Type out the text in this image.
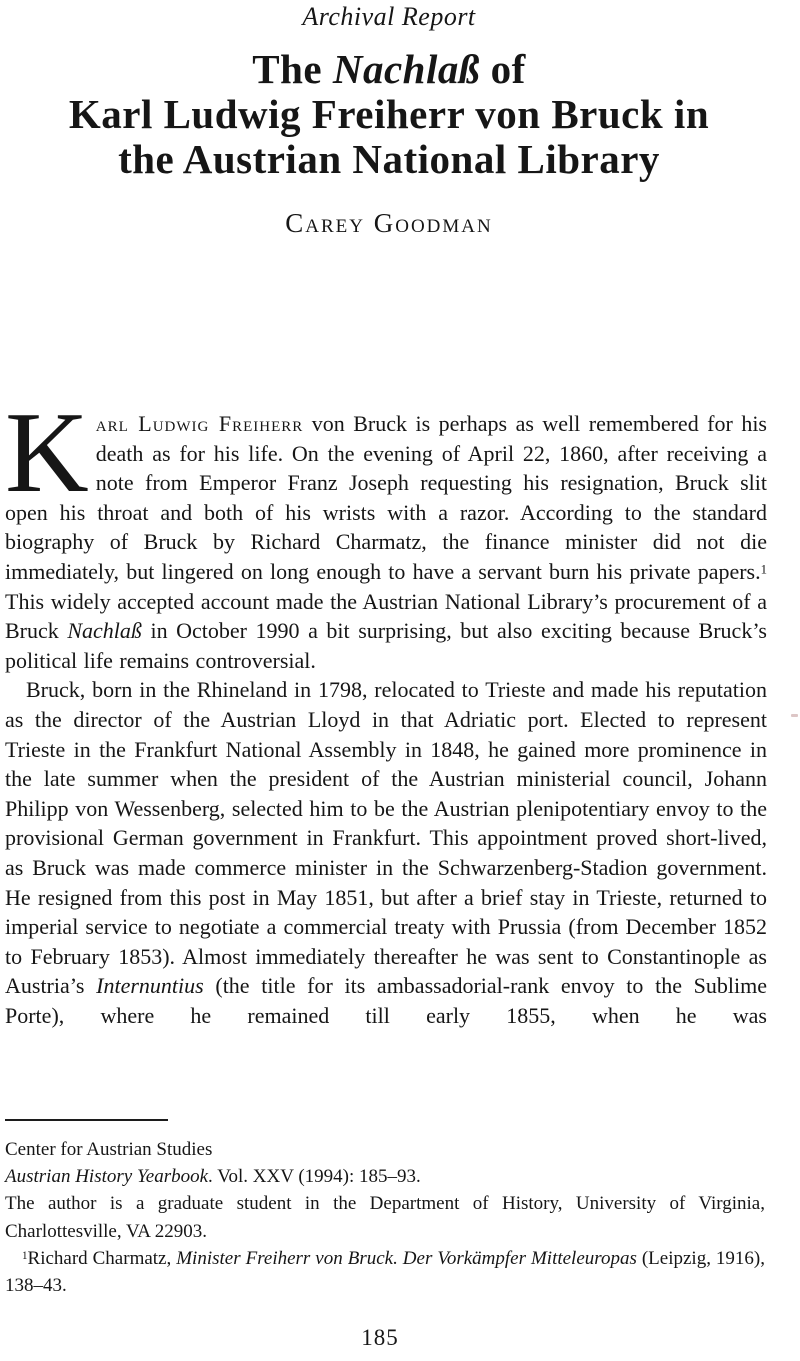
Archival Report
The Nachlaß of
Karl Ludwig Freiherr von Bruck in
the Austrian National Library
Carey Goodman

Karl Ludwig Freiherr von Bruck is perhaps as well remembered for his death as for his life. On the evening of April 22, 1860, after receiving a note from Emperor Franz Joseph requesting his resignation, Bruck slit open his throat and both of his wrists with a razor. According to the standard biography of Bruck by Richard Charmatz, the finance minister did not die immediately, but lingered on long enough to have a servant burn his private papers.$^1$ This widely accepted account made the Austrian National Library’s procurement of a Bruck Nachlaß in October 1990 a bit surprising, but also exciting because Bruck’s political life remains controversial.

Bruck, born in the Rhineland in 1798, relocated to Trieste and made his reputation as the director of the Austrian Lloyd in that Adriatic port. Elected to represent Trieste in the Frankfurt National Assembly in 1848, he gained more prominence in the late summer when the president of the Austrian ministerial council, Johann Philipp von Wessenberg, selected him to be the Austrian plenipotentiary envoy to the provisional German government in Frankfurt. This appointment proved short-lived, as Bruck was made commerce minister in the Schwarzenberg-Stadion government. He resigned from this post in May 1851, but after a brief stay in Trieste, returned to imperial service to negotiate a commercial treaty with Prussia (from December 1852 to February 1853). Almost immediately thereafter he was sent to Constantinople as Austria’s Internuntius (the title for its ambassadorial-rank envoy to the Sublime Porte), where he remained till early 1855, when he was

Center for Austrian Studies

Austrian History Yearbook. Vol. XXV (1994): 185–93.

The author is a graduate student in the Department of History, University of Virginia, Charlottesville, VA 22903.

$^1$Richard Charmatz, Minister Freiherr von Bruck. Der Vorkämpfer Mitteleuropas (Leipzig, 1916), 138–43.

185
